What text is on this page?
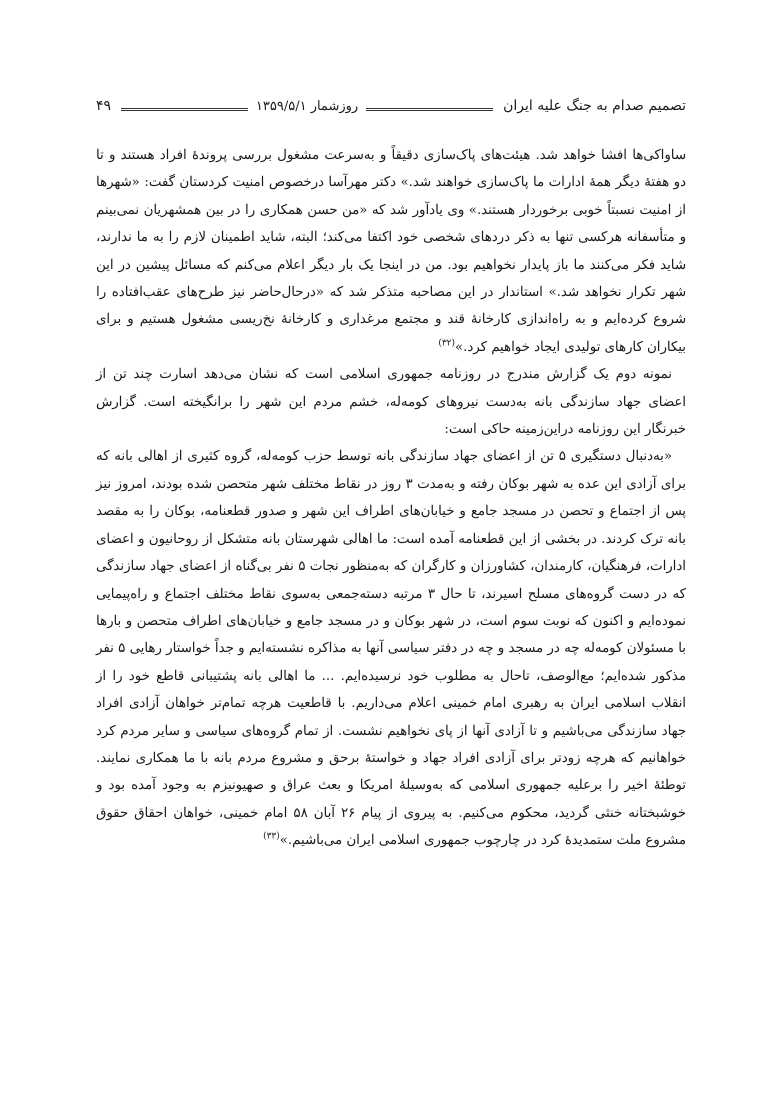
تصمیم صدام به جنگ علیه ایران
روزشمار ۱۳۵۹/۵/۱
۴۹

ساواکی‌ها افشا خواهد شد. هیئت‌های پاک‌سازی دقیقاً و به‌سرعت مشغول بررسی پروندهٔ افراد هستند و تا دو هفتهٔ دیگر همهٔ ادارات ما پاک‌سازی خواهند شد.» دکتر مهرآسا درخصوص امنیت کردستان گفت: «شهرها از امنیت نسبتاً خوبی برخوردار هستند.» وی یادآور شد که «من حسن همکاری را در بین همشهریان نمی‌بینم و متأسفانه هرکسی تنها به ذکر دردهای شخصی خود اکتفا می‌کند؛ البته، شاید اطمینان لازم را به ما ندارند، شاید فکر می‌کنند ما باز پایدار نخواهیم بود. من در اینجا یک بار دیگر اعلام می‌کنم که مسائل پیشین در این شهر تکرار نخواهد شد.» استاندار در این مصاحبه متذکر شد که «درحال‌حاضر نیز طرح‌های عقب‌افتاده را شروع کرده‌ایم و به راه‌اندازی کارخانهٔ قند و مجتمع مرغداری و کارخانهٔ نخ‌ریسی مشغول هستیم و برای بیکاران کارهای تولیدی ایجاد خواهیم کرد.»$^{(۳۲)}$

نمونه دوم یک گزارش مندرج در روزنامه جمهوری اسلامی است که نشان می‌دهد اسارت چند تن از اعضای جهاد سازندگی بانه به‌دست نیروهای کومه‌له، خشم مردم این شهر را برانگیخته است. گزارش خبرنگار این روزنامه دراین‌زمینه حاکی است:

«به‌دنبال دستگیری ۵ تن از اعضای جهاد سازندگی بانه توسط حزب کومه‌له، گروه کثیری از اهالی بانه که برای آزادی این عده به شهر بوکان رفته و به‌مدت ۳ روز در نقاط مختلف شهر متحصن شده بودند، امروز نیز پس از اجتماع و تحصن در مسجد جامع و خیابان‌های اطراف این شهر و صدور قطعنامه، بوکان را به مقصد بانه ترک کردند. در بخشی از این قطعنامه آمده است: ما اهالی شهرستان بانه متشکل از روحانیون و اعضای ادارات، فرهنگیان، کارمندان، کشاورزان و کارگران که به‌منظور نجات ۵ نفر بی‌گناه از اعضای جهاد سازندگی که در دست گروه‌های مسلح اسیرند، تا حال ۳ مرتبه دسته‌جمعی به‌سوی نقاط مختلف اجتماع و راه‌پیمایی نموده‌ایم و اکنون که نوبت سوم است، در شهر بوکان و در مسجد جامع و خیابان‌های اطراف متحصن و بارها با مسئولان کومه‌له چه در مسجد و چه در دفتر سیاسی آنها به مذاکره نشسته‌ایم و جداً خواستار رهایی ۵ نفر مذکور شده‌ایم؛ مع‌الوصف، تاحال به مطلوب خود نرسیده‌ایم. ... ما اهالی بانه پشتیبانی قاطع خود را از انقلاب اسلامی ایران به رهبری امام خمینی اعلام می‌داریم. با قاطعیت هرچه تمام‌تر خواهان آزادی افراد جهاد سازندگی می‌باشیم و تا آزادی آنها از پای نخواهیم نشست. از تمام گروه‌های سیاسی و سایر مردم کرد خواهانیم که هرچه زودتر برای آزادی افراد جهاد و خواستهٔ برحق و مشروع مردم بانه با ما همکاری نمایند. توطئهٔ اخیر را برعلیه جمهوری اسلامی که به‌وسیلهٔ امریکا و بعث عراق و صهیونیزم به وجود آمده بود و خوشبختانه خنثی گردید، محکوم می‌کنیم. به پیروی از پیام ۲۶ آبان ۵۸ امام خمینی، خواهان احقاق حقوق مشروع ملت ستمدیدهٔ کرد در چارچوب جمهوری اسلامی ایران می‌باشیم.»$^{(۳۳)}$
